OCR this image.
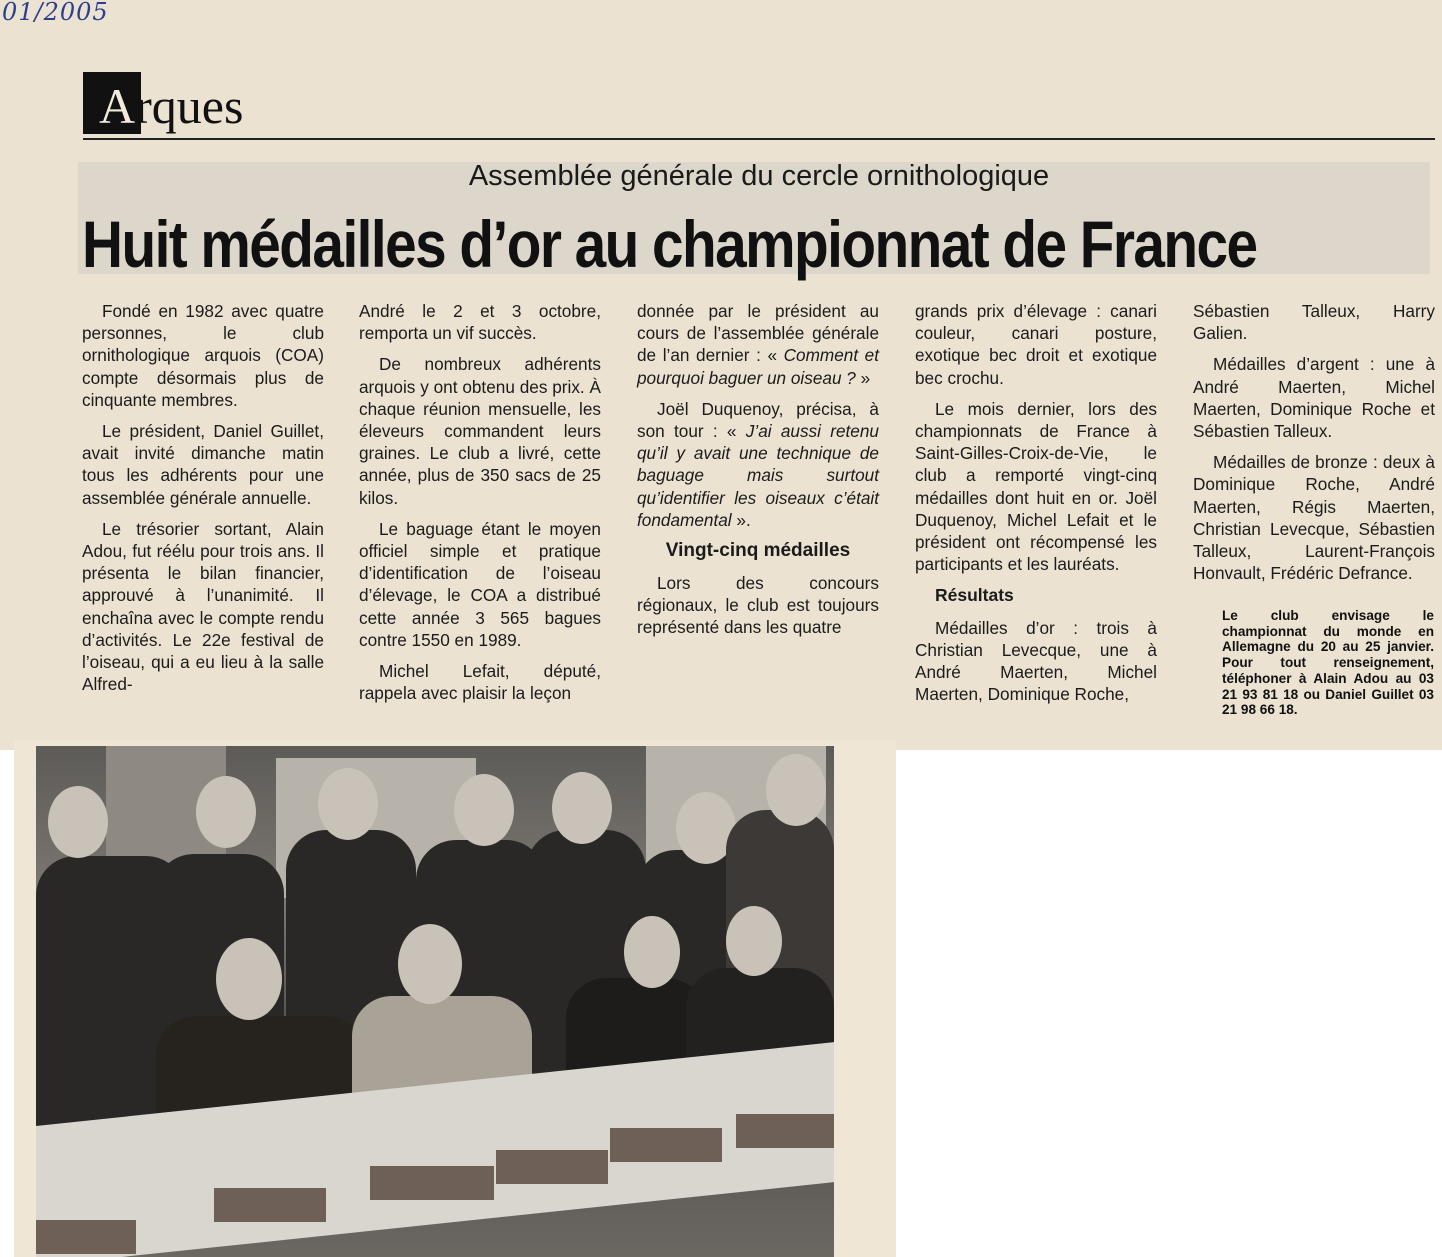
01/2005
Arques
Assemblée générale du cercle ornithologique
Huit médailles d’or au championnat de France

Fondé en 1982 avec quatre personnes, le club ornithologique arquois (COA) compte désormais plus de cinquante membres.

Le président, Daniel Guillet, avait invité dimanche matin tous les adhérents pour une assemblée générale annuelle.

Le trésorier sortant, Alain Adou, fut réélu pour trois ans. Il présenta le bilan financier, approuvé à l’unanimité. Il enchaîna avec le compte rendu d’activités. Le 22e festival de l’oiseau, qui a eu lieu à la salle Alfred-

André le 2 et 3 octobre, remporta un vif succès.

De nombreux adhérents arquois y ont obtenu des prix. À chaque réunion mensuelle, les éleveurs commandent leurs graines. Le club a livré, cette année, plus de 350 sacs de 25 kilos.

Le baguage étant le moyen officiel simple et pratique d’identification de l’oiseau d’élevage, le COA a distribué cette année 3 565 bagues contre 1550 en 1989.

Michel Lefait, député, rappela avec plaisir la leçon

donnée par le président au cours de l’assemblée générale de l’an dernier : « Comment et pourquoi baguer un oiseau ? »

Joël Duquenoy, précisa, à son tour : « J’ai aussi retenu qu’il y avait une technique de baguage mais surtout qu’identifier les oiseaux c’était fondamental ».

Vingt-cinq médailles

Lors des concours régionaux, le club est toujours représenté dans les quatre

grands prix d’élevage : canari couleur, canari posture, exotique bec droit et exotique bec crochu.

Le mois dernier, lors des championnats de France à Saint-Gilles-Croix-de-Vie, le club a remporté vingt-cinq médailles dont huit en or. Joël Duquenoy, Michel Lefait et le président ont récompensé les participants et les lauréats.

Résultats

Médailles d’or : trois à Christian Levecque, une à André Maerten, Michel Maerten, Dominique Roche,

Sébastien Talleux, Harry Galien.

Médailles d’argent : une à André Maerten, Michel Maerten, Dominique Roche et Sébastien Talleux.

Médailles de bronze : deux à Dominique Roche, André Maerten, Régis Maerten, Christian Levecque, Sébastien Talleux, Laurent-François Honvault, Frédéric Defrance.

Le club envisage le championnat du monde en Allemagne du 20 au 25 janvier. Pour tout renseignement, téléphoner à Alain Adou au 03 21 93 81 18 ou Daniel Guillet 03 21 98 66 18.
